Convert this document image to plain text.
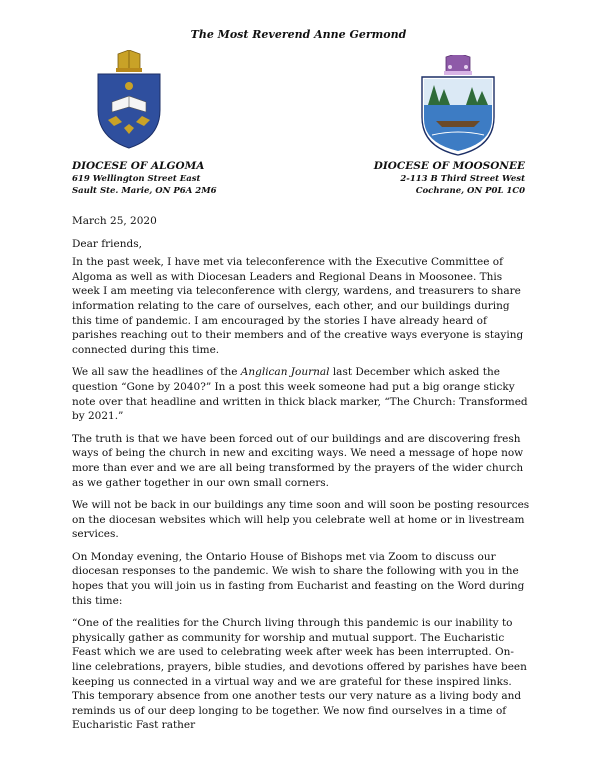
The Most Reverend Anne Germond
DIOCESE OF ALGOMA
619 Wellington Street East
Sault Ste. Marie, ON P6A 2M6
DIOCESE OF MOOSONEE
2-113 B Third Street West
Cochrane, ON P0L 1C0

March 25, 2020

Dear friends,

In the past week, I have met via teleconference with the Executive Committee of Algoma as well as with Diocesan Leaders and Regional Deans in Moosonee. This week I am meeting via teleconference with clergy, wardens, and treasurers to share information relating to the care of ourselves, each other, and our buildings during this time of pandemic. I am encouraged by the stories I have already heard of parishes reaching out to their members and of the creative ways everyone is staying connected during this time.

We all saw the headlines of the Anglican Journal last December which asked the question “Gone by 2040?” In a post this week someone had put a big orange sticky note over that headline and written in thick black marker, “The Church: Transformed by 2021.”

The truth is that we have been forced out of our buildings and are discovering fresh ways of being the church in new and exciting ways. We need a message of hope now more than ever and we are all being transformed by the prayers of the wider church as we gather together in our own small corners.

We will not be back in our buildings any time soon and will soon be posting resources on the diocesan websites which will help you celebrate well at home or in livestream services.

On Monday evening, the Ontario House of Bishops met via Zoom to discuss our diocesan responses to the pandemic. We wish to share the following with you in the hopes that you will join us in fasting from Eucharist and feasting on the Word during this time:

“One of the realities for the Church living through this pandemic is our inability to physically gather as community for worship and mutual support. The Eucharistic Feast which we are used to celebrating week after week has been interrupted. On-line celebrations, prayers, bible studies, and devotions offered by parishes have been keeping us connected in a virtual way and we are grateful for these inspired links. This temporary absence from one another tests our very nature as a living body and reminds us of our deep longing to be together. We now find ourselves in a time of Eucharistic Fast rather
